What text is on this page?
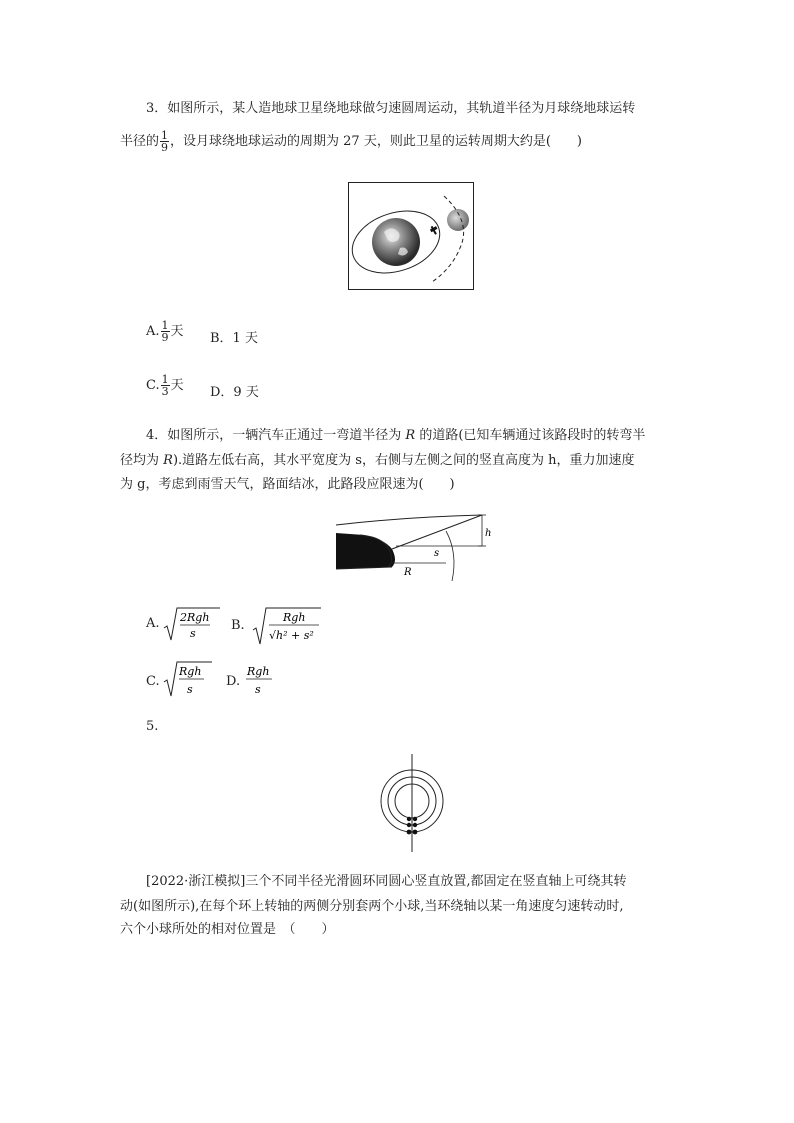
3．如图所示，某人造地球卫星绕地球做匀速圆周运动，其轨道半径为月球绕地球运转
半径的 $\frac{1}{9}$ ，设月球绕地球运动的周期为 27 天，则此卫星的运转周期大约是(　　)
A. $\frac{1}{9}$ 天 B．1 天
C. $\frac{1}{3}$ 天 D．9 天
4．如图所示，一辆汽车正通过一弯道半径为 R 的道路(已知车辆通过该路段时的转弯半
径均为 R).道路左低右高，其水平宽度为 s，右侧与左侧之间的竖直高度为 h，重力加速度
为 g，考虑到雨雪天气，路面结冰，此路段应限速为(　　)
h
s
R
A. 2Rgh
s
B.
Rgh
√h² + s²
C.
Rgh
s
D.
Rgh
s
5.
[2022·浙江模拟]三个不同半径光滑圆环同圆心竖直放置,都固定在竖直轴上可绕其转
动(如图所示),在每个环上转轴的两侧分别套两个小球,当环绕轴以某一角速度匀速转动时,
六个小球所处的相对位置是　（　　）
